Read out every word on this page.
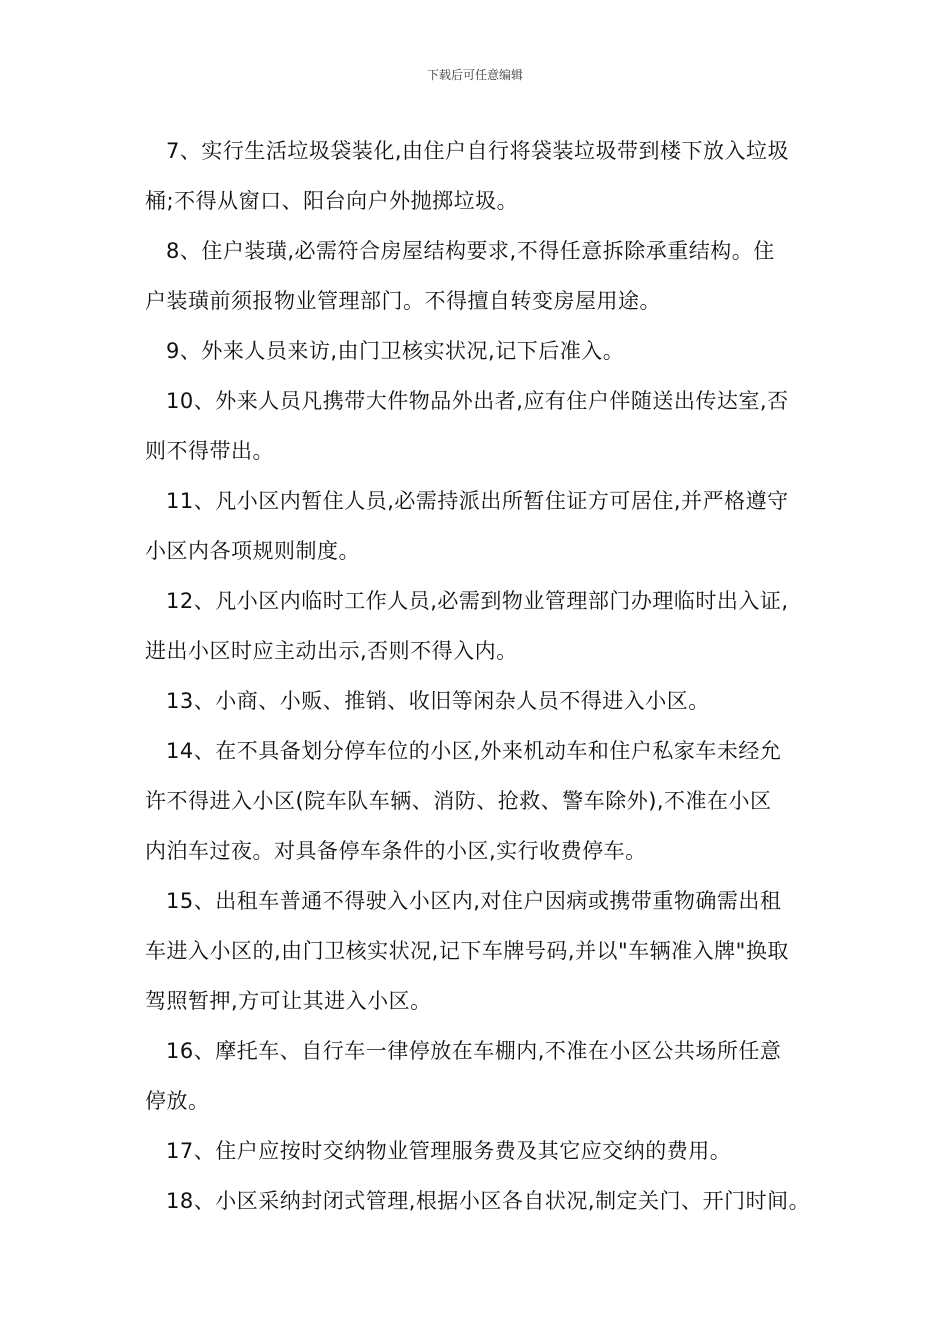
下载后可任意编辑
7、实行生活垃圾袋装化,由住户自行将袋装垃圾带到楼下放入垃圾
桶;不得从窗口、阳台向户外抛掷垃圾。
8、住户装璜,必需符合房屋结构要求,不得任意拆除承重结构。住
户装璜前须报物业管理部门。不得擅自转变房屋用途。
9、外来人员来访,由门卫核实状况,记下后准入。
10、外来人员凡携带大件物品外出者,应有住户伴随送出传达室,否
则不得带出。
11、凡小区内暂住人员,必需持派出所暂住证方可居住,并严格遵守
小区内各项规则制度。
12、凡小区内临时工作人员,必需到物业管理部门办理临时出入证,
进出小区时应主动出示,否则不得入内。
13、小商、小贩、推销、收旧等闲杂人员不得进入小区。
14、在不具备划分停车位的小区,外来机动车和住户私家车未经允
许不得进入小区(院车队车辆、消防、抢救、警车除外),不准在小区
内泊车过夜。对具备停车条件的小区,实行收费停车。
15、出租车普通不得驶入小区内,对住户因病或携带重物确需出租
车进入小区的,由门卫核实状况,记下车牌号码,并以"车辆准入牌"换取
驾照暂押,方可让其进入小区。
16、摩托车、自行车一律停放在车棚内,不准在小区公共场所任意
停放。
17、住户应按时交纳物业管理服务费及其它应交纳的费用。
18、小区采纳封闭式管理,根据小区各自状况,制定关门、开门时间。
